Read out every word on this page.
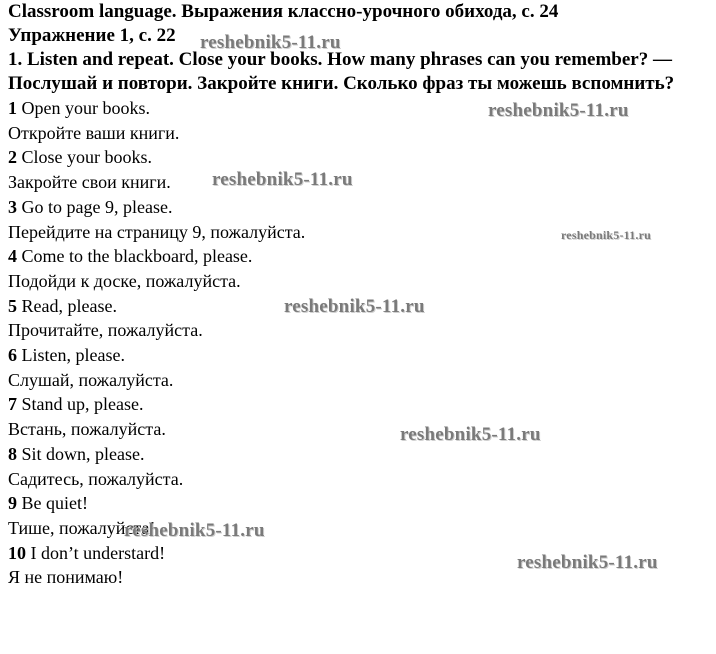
Classroom language. Выражения классно-урочного обихода, с. 24

Упражнение 1, с. 22

1. Listen and repeat. Close your books. How many phrases can you remember? — Послушай и повтори. Закройте книги. Сколько фраз ты можешь вспомнить?

1 Open your books.

Откройте ваши книги.

2 Close your books.

Закройте свои книги.

3 Go to page 9, please.

Перейдите на страницу 9, пожалуйста.

4 Come to the blackboard, please.

Подойди к доске, пожалуйста.

5 Read, please.

Прочитайте, пожалуйста.

6 Listen, please.

Слушай, пожалуйста.

7 Stand up, please.

Встань, пожалуйста.

8 Sit down, please.

Садитесь, пожалуйста.

9 Be quiet!

Тише, пожалуйста!

10 I don’t understard!

Я не понимаю!

reshebnik5-11.ru
reshebnik5-11.ru
reshebnik5-11.ru
reshebnik5-11.ru
reshebnik5-11.ru
reshebnik5-11.ru
reshebnik5-11.ru
reshebnik5-11.ru
